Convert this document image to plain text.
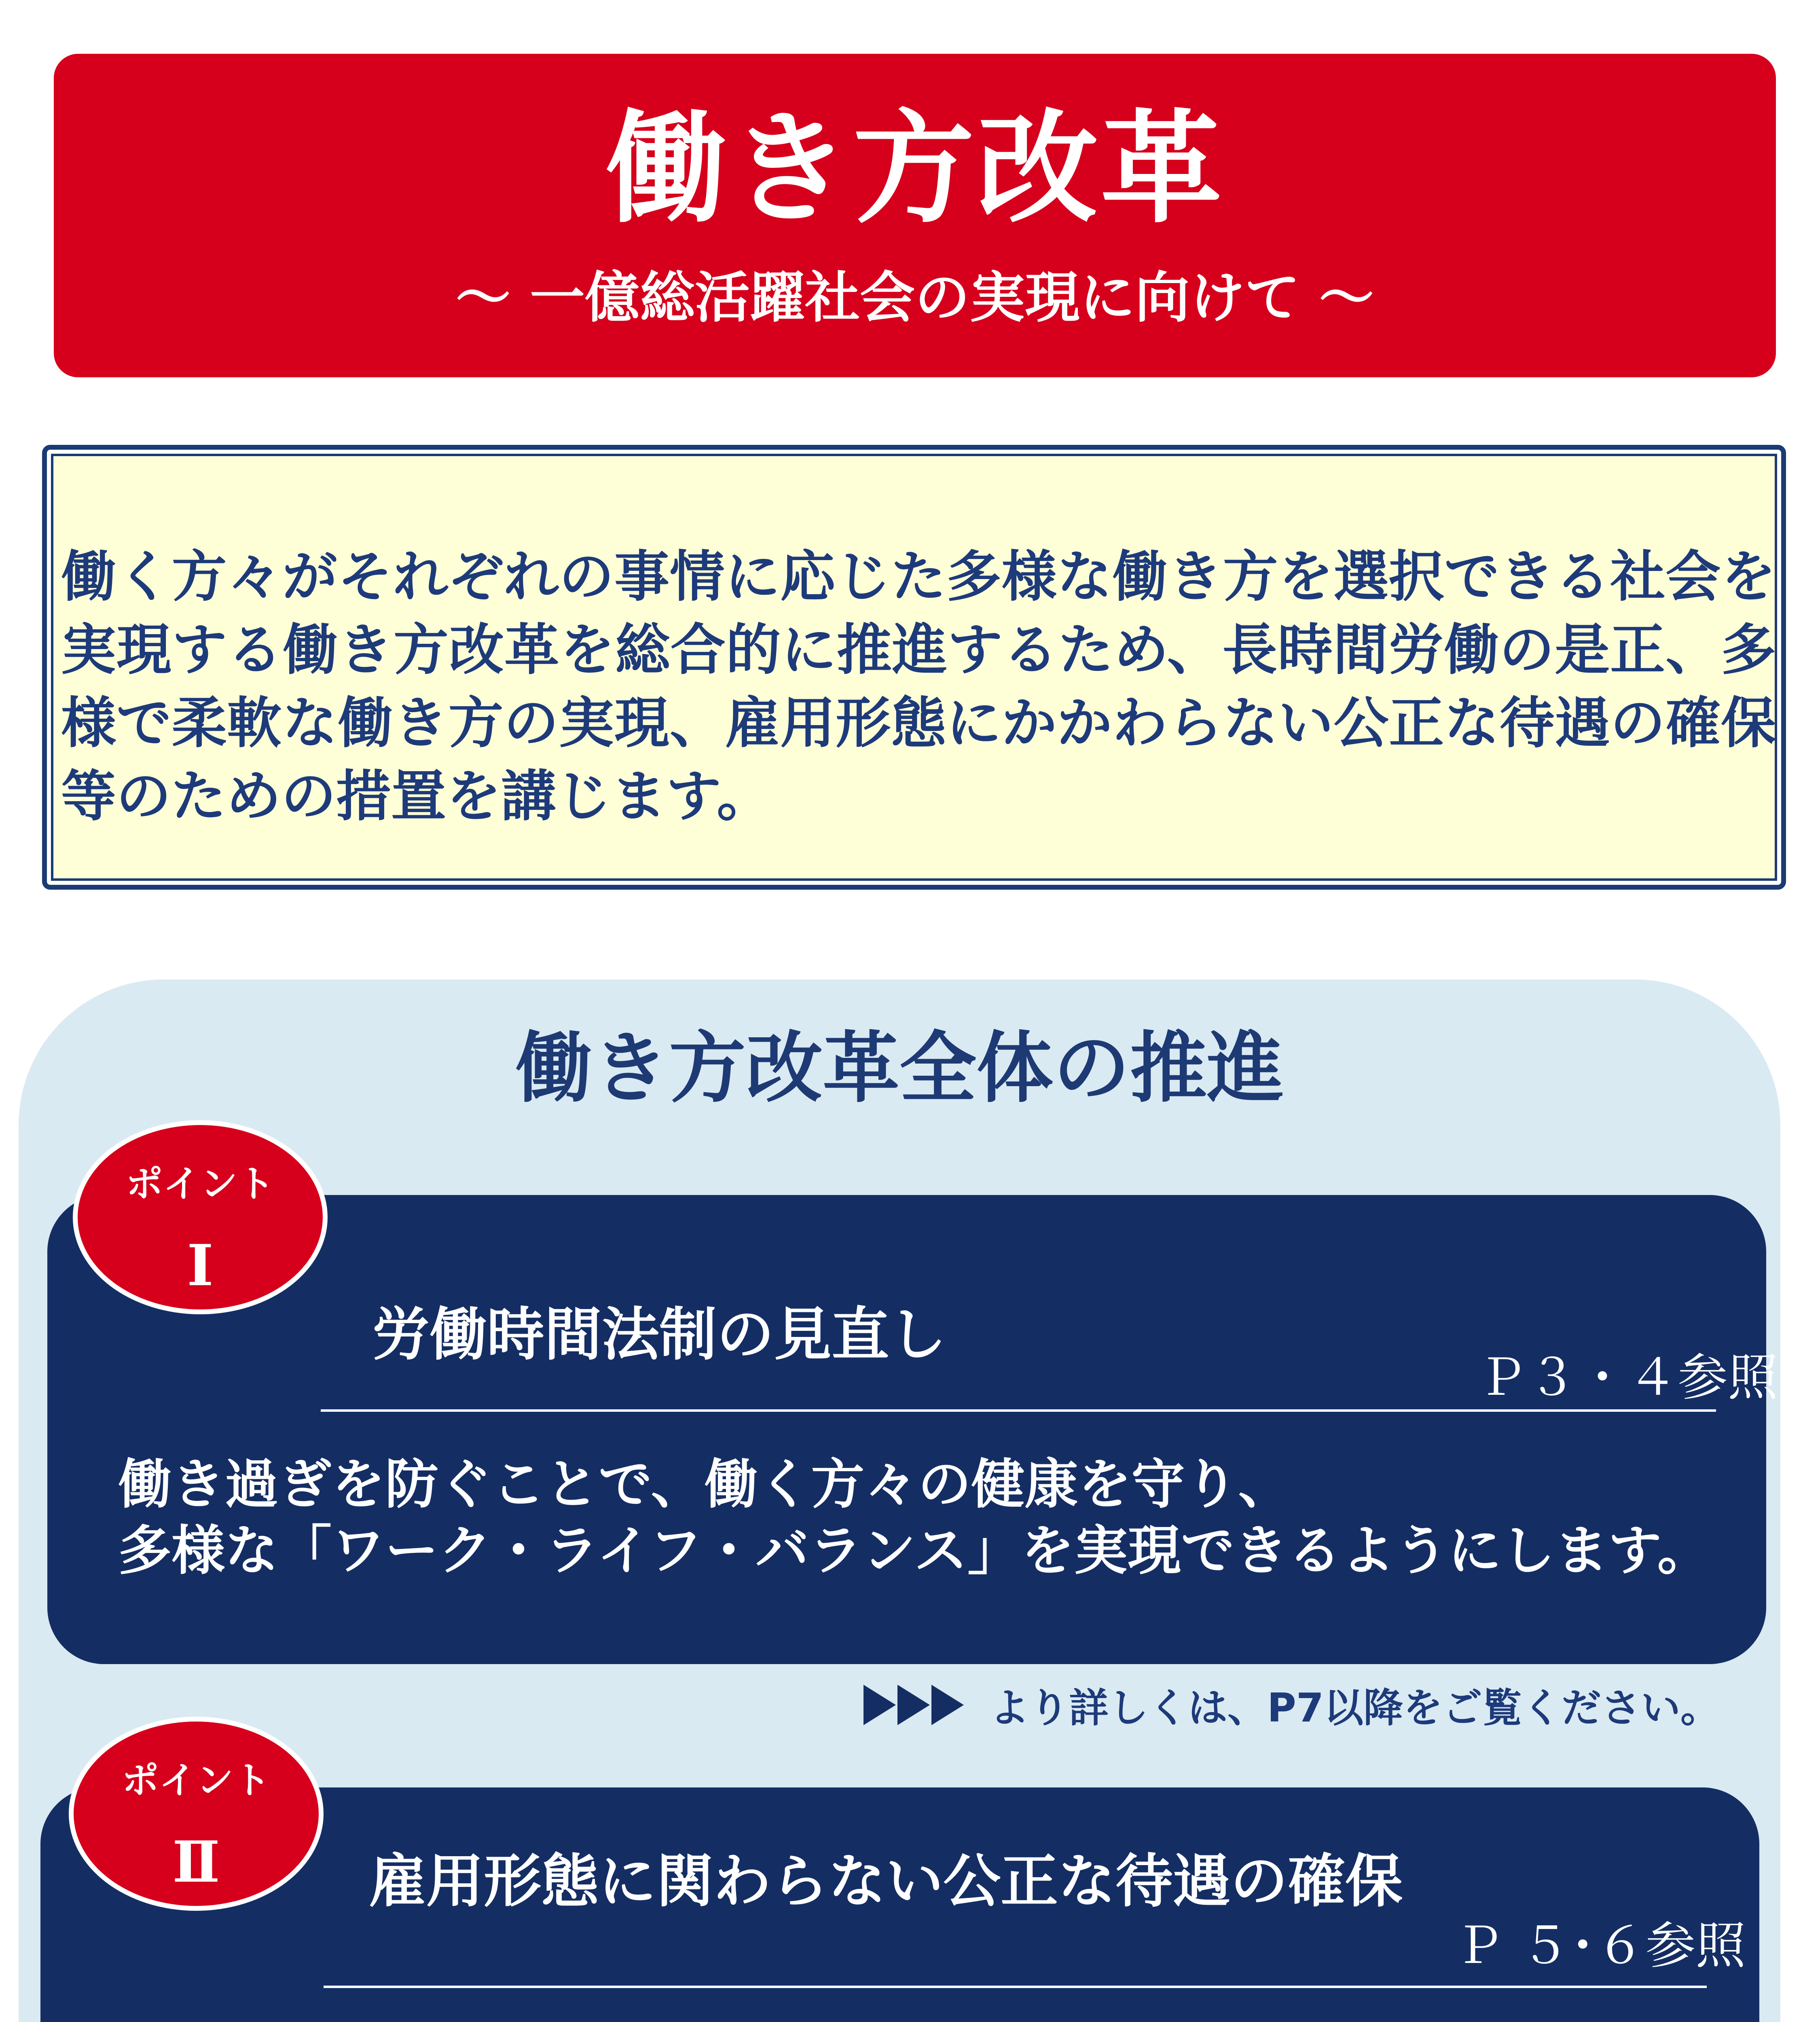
働き方改革
～ 一億総活躍社会の実現に向けて ～
働く方々がそれぞれの事情に応じた多様な働き方を選択できる社会を実現する働き方改革を総合的に推進するため、長時間労働の是正、多様で柔軟な働き方の実現、雇用形態にかかわらない公正な待遇の確保等のための措置を講じます。
働き方改革全体の推進
労働時間法制の見直し
Ｐ３・４参照
働き過ぎを防ぐことで、働く方々の健康を守り、
多様な「ワーク・ライフ・バランス」を実現できるようにします。
ポイント
Ⅰ
より詳しくは、P7以降をご覧ください。
雇用形態に関わらない公正な待遇の確保
Ｐ ５･６参照
ポイント
Ⅱ
